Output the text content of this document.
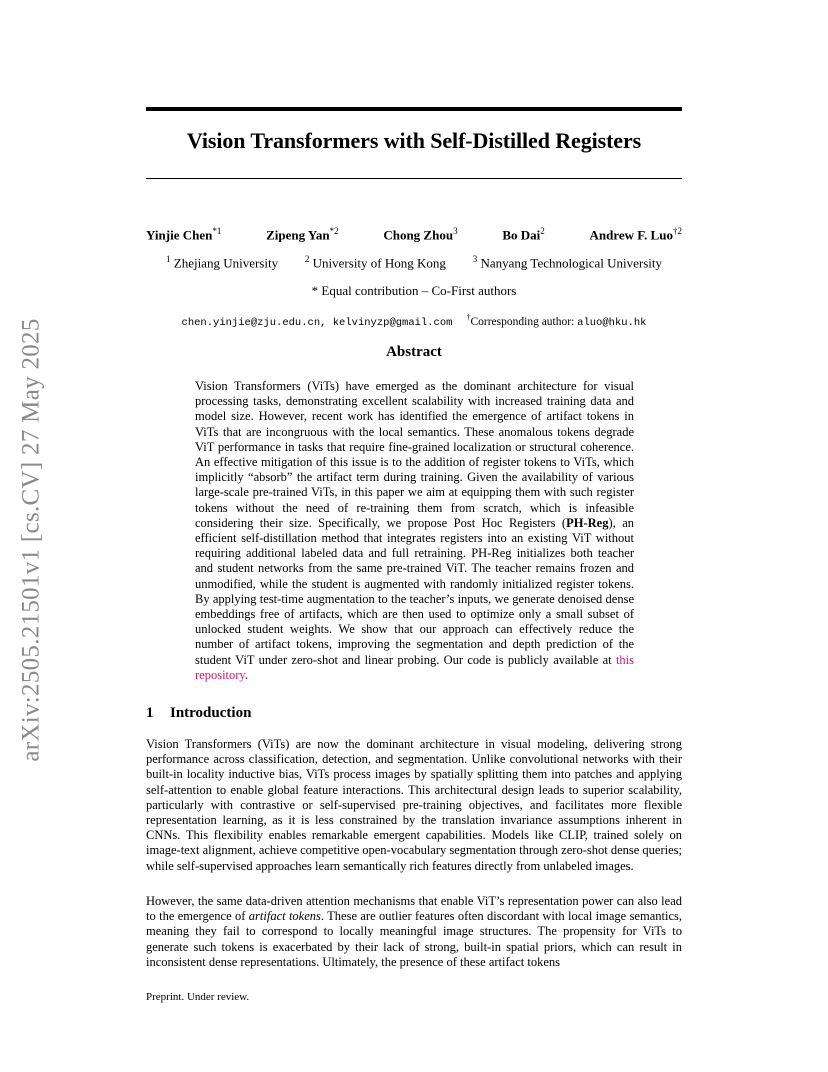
arXiv:2505.21501v1 [cs.CV] 27 May 2025
Vision Transformers with Self-Distilled Registers
Yinjie Chen$^{*1}$	Zipeng Yan$^{*2}$	Chong Zhou$^3$	Bo Dai$^2$	Andrew F. Luo$^{\dagger 2}$
$^1$ Zhejiang University	$^2$ University of Hong Kong	$^3$ Nanyang Technological University
* Equal contribution – Co-First authors
chen.yinjie@zju.edu.cn, kelvinyzp@gmail.com †Corresponding author: aluo@hku.hk
Abstract
Vision Transformers (ViTs) have emerged as the dominant architecture for visual processing tasks, demonstrating excellent scalability with increased training data and model size. However, recent work has identified the emergence of artifact tokens in ViTs that are incongruous with the local semantics. These anomalous tokens degrade ViT performance in tasks that require fine-grained localization or structural coherence. An effective mitigation of this issue is to the addition of register tokens to ViTs, which implicitly “absorb” the artifact term during training. Given the availability of various large-scale pre-trained ViTs, in this paper we aim at equipping them with such register tokens without the need of re-training them from scratch, which is infeasible considering their size. Specifically, we propose Post Hoc Registers (PH-Reg), an efficient self-distillation method that integrates registers into an existing ViT without requiring additional labeled data and full retraining. PH-Reg initializes both teacher and student networks from the same pre-trained ViT. The teacher remains frozen and unmodified, while the student is augmented with randomly initialized register tokens. By applying test-time augmentation to the teacher’s inputs, we generate denoised dense embeddings free of artifacts, which are then used to optimize only a small subset of unlocked student weights. We show that our approach can effectively reduce the number of artifact tokens, improving the segmentation and depth prediction of the student ViT under zero-shot and linear probing. Our code is publicly available at this repository.
1 Introduction
Vision Transformers (ViTs) are now the dominant architecture in visual modeling, delivering strong performance across classification, detection, and segmentation. Unlike convolutional networks with their built-in locality inductive bias, ViTs process images by spatially splitting them into patches and applying self-attention to enable global feature interactions. This architectural design leads to superior scalability, particularly with contrastive or self-supervised pre-training objectives, and facilitates more flexible representation learning, as it is less constrained by the translation invariance assumptions inherent in CNNs. This flexibility enables remarkable emergent capabilities. Models like CLIP, trained solely on image-text alignment, achieve competitive open-vocabulary segmentation through zero-shot dense queries; while self-supervised approaches learn semantically rich features directly from unlabeled images.
However, the same data-driven attention mechanisms that enable ViT’s representation power can also lead to the emergence of artifact tokens. These are outlier features often discordant with local image semantics, meaning they fail to correspond to locally meaningful image structures. The propensity for ViTs to generate such tokens is exacerbated by their lack of strong, built-in spatial priors, which can result in inconsistent dense representations. Ultimately, the presence of these artifact tokens
Preprint. Under review.
